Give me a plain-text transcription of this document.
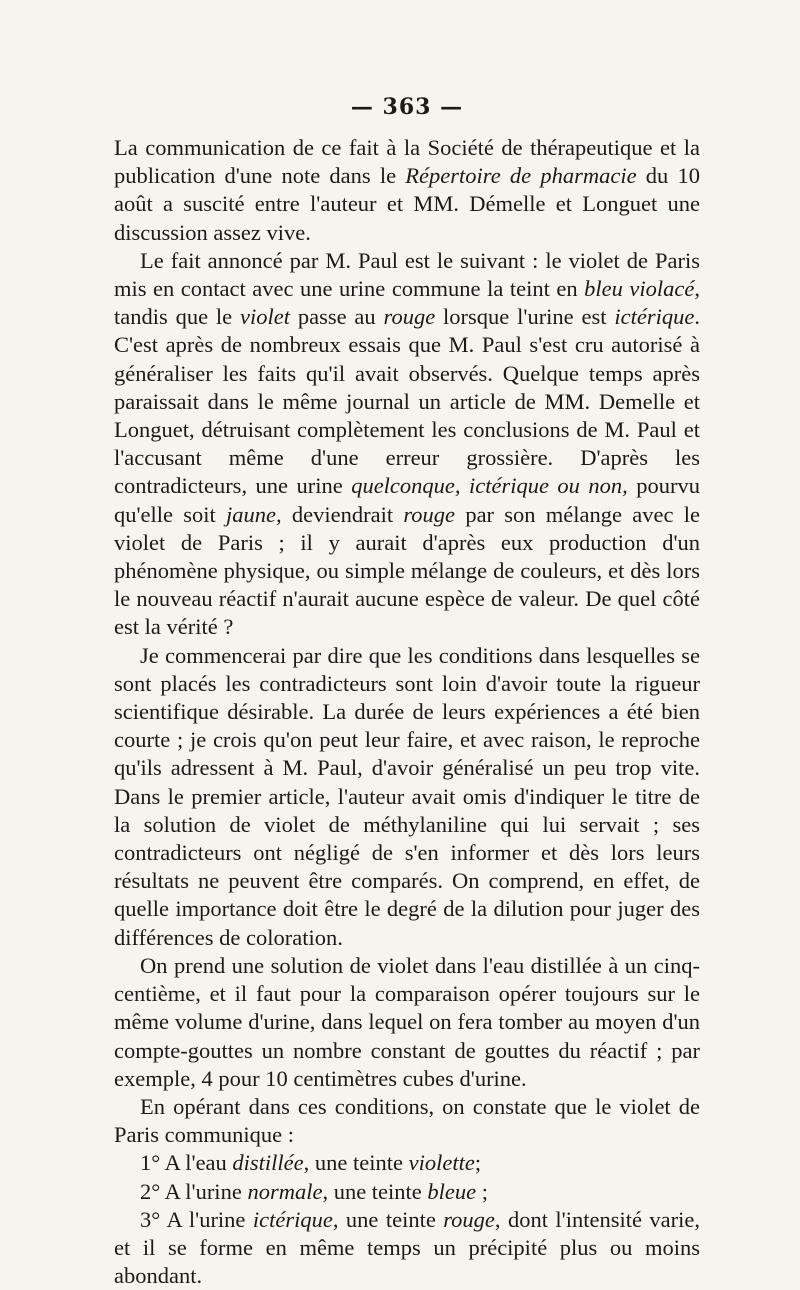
— 363 —

La communication de ce fait à la Société de thérapeutique et la publication d'une note dans le Répertoire de pharmacie du 10 août a suscité entre l'auteur et MM. Démelle et Longuet une discussion assez vive.

Le fait annoncé par M. Paul est le suivant : le violet de Paris mis en contact avec une urine commune la teint en bleu violacé, tandis que le violet passe au rouge lorsque l'urine est ictérique. C'est après de nombreux essais que M. Paul s'est cru autorisé à généraliser les faits qu'il avait observés. Quelque temps après paraissait dans le même journal un article de MM. Demelle et Longuet, détruisant complètement les conclusions de M. Paul et l'accusant même d'une erreur grossière. D'après les contradicteurs, une urine quelconque, ictérique ou non, pourvu qu'elle soit jaune, deviendrait rouge par son mélange avec le violet de Paris ; il y aurait d'après eux production d'un phénomène physique, ou simple mélange de couleurs, et dès lors le nouveau réactif n'aurait aucune espèce de valeur. De quel côté est la vérité ?

Je commencerai par dire que les conditions dans lesquelles se sont placés les contradicteurs sont loin d'avoir toute la rigueur scientifique désirable. La durée de leurs expériences a été bien courte ; je crois qu'on peut leur faire, et avec raison, le reproche qu'ils adressent à M. Paul, d'avoir généralisé un peu trop vite. Dans le premier article, l'auteur avait omis d'indiquer le titre de la solution de violet de méthylaniline qui lui servait ; ses contradicteurs ont négligé de s'en informer et dès lors leurs résultats ne peuvent être comparés. On comprend, en effet, de quelle importance doit être le degré de la dilution pour juger des différences de coloration.

On prend une solution de violet dans l'eau distillée à un cinq-centième, et il faut pour la comparaison opérer toujours sur le même volume d'urine, dans lequel on fera tomber au moyen d'un compte-gouttes un nombre constant de gouttes du réactif ; par exemple, 4 pour 10 centimètres cubes d'urine.

En opérant dans ces conditions, on constate que le violet de Paris communique :

1° A l'eau distillée, une teinte violette;
2° A l'urine normale, une teinte bleue ;

3° A l'urine ictérique, une teinte rouge, dont l'intensité varie, et il se forme en même temps un précipité plus ou moins abondant.
